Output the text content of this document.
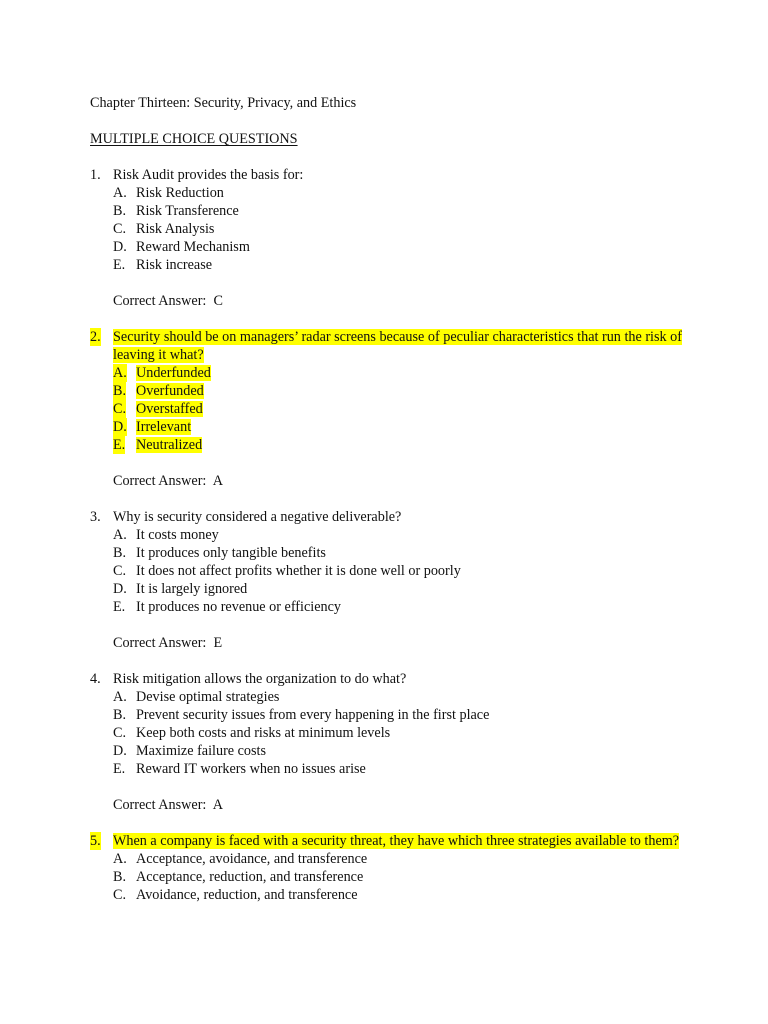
Chapter Thirteen: Security, Privacy, and Ethics
MULTIPLE CHOICE QUESTIONS
1. Risk Audit provides the basis for:
A. Risk Reduction
B. Risk Transference
C. Risk Analysis
D. Reward Mechanism
E. Risk increase
Correct Answer:  C
2. Security should be on managers’ radar screens because of peculiar characteristics that run the risk of leaving it what?
A. Underfunded
B. Overfunded
C. Overstaffed
D. Irrelevant
E. Neutralized
Correct Answer:  A
3. Why is security considered a negative deliverable?
A. It costs money
B. It produces only tangible benefits
C. It does not affect profits whether it is done well or poorly
D. It is largely ignored
E. It produces no revenue or efficiency
Correct Answer:  E
4. Risk mitigation allows the organization to do what?
A. Devise optimal strategies
B. Prevent security issues from every happening in the first place
C. Keep both costs and risks at minimum levels
D. Maximize failure costs
E. Reward IT workers when no issues arise
Correct Answer:  A
5. When a company is faced with a security threat, they have which three strategies available to them?
A. Acceptance, avoidance, and transference
B. Acceptance, reduction, and transference
C. Avoidance, reduction, and transference
